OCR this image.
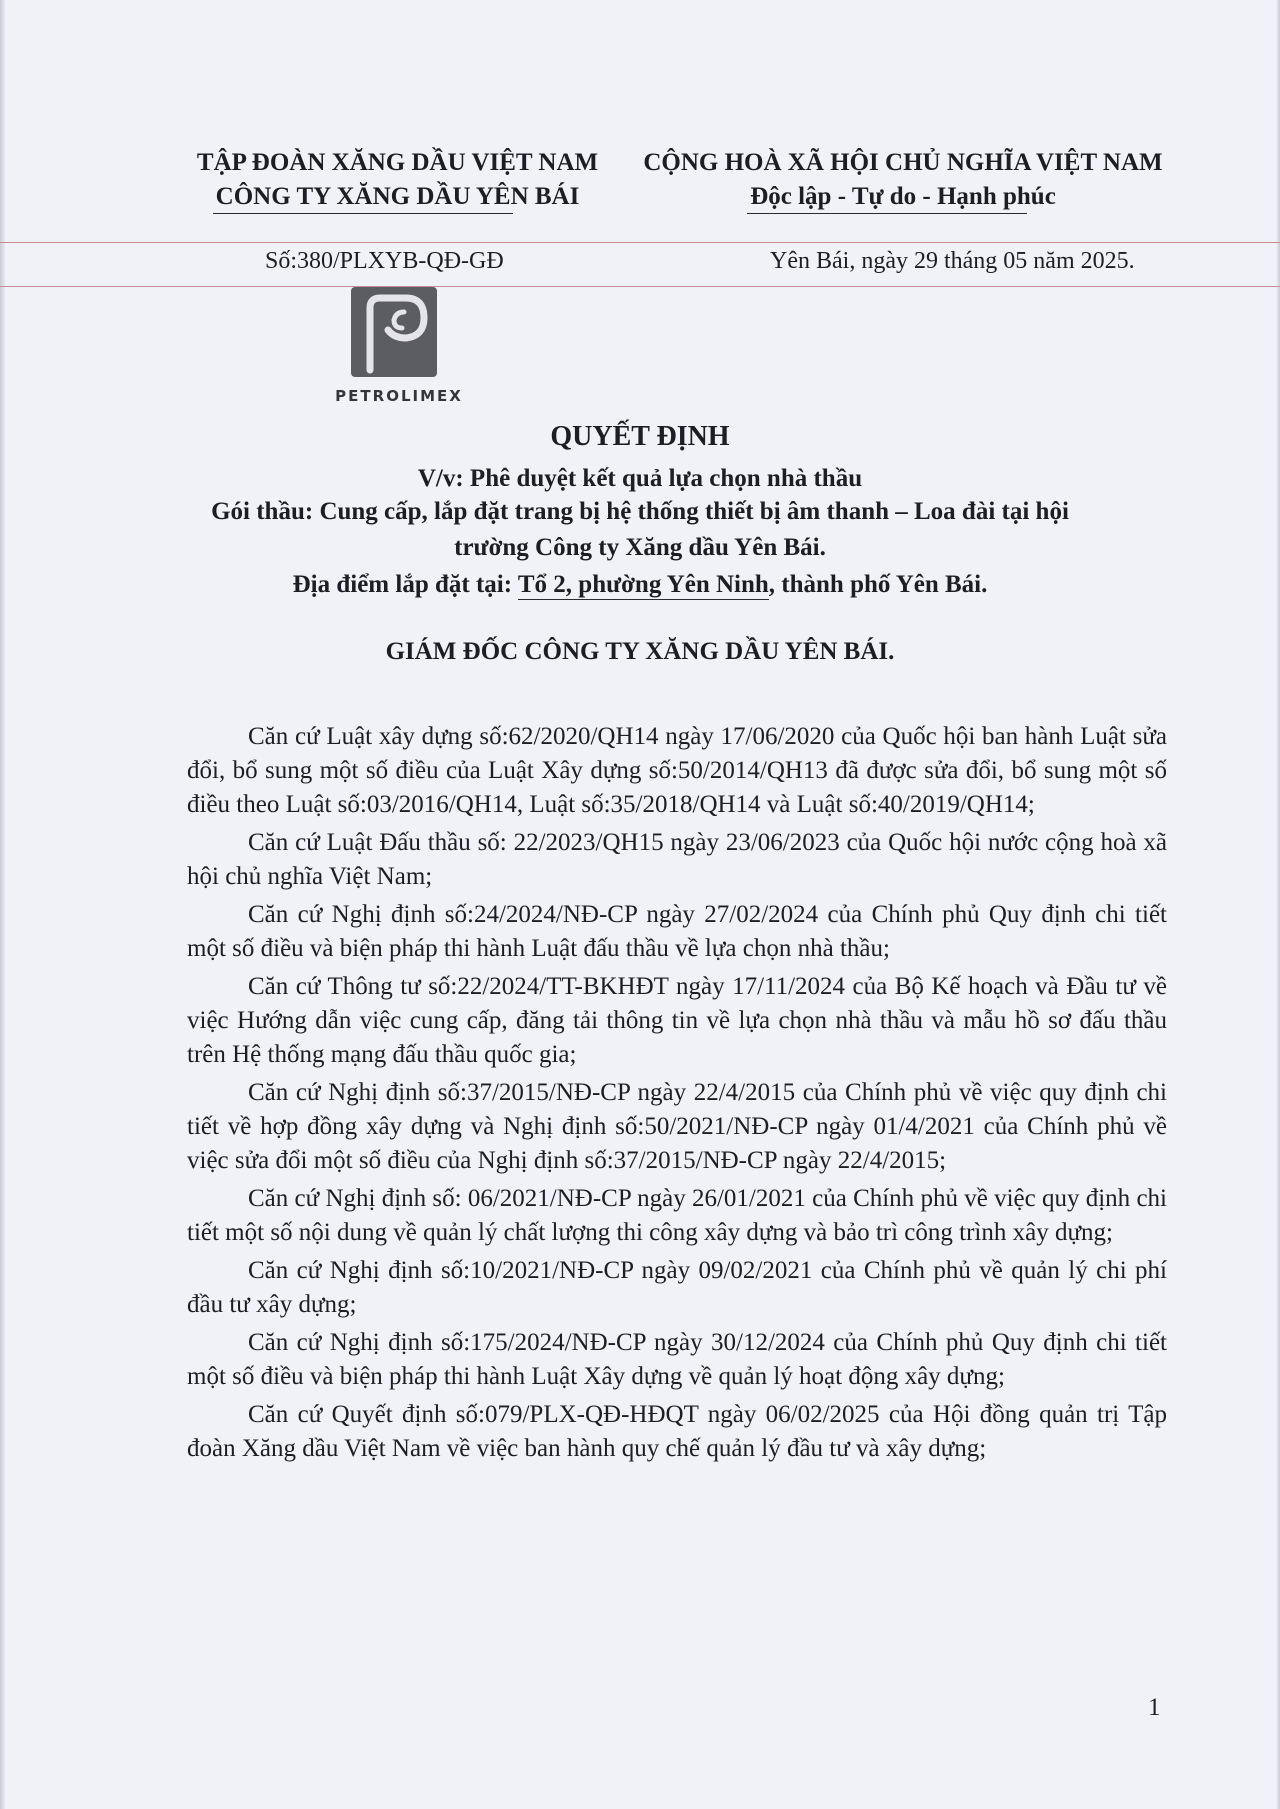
TẬP ĐOÀN XĂNG DẦU VIỆT NAM
CÔNG TY XĂNG DẦU YÊN BÁI
CỘNG HOÀ XÃ HỘI CHỦ NGHĨA VIỆT NAM
Độc lập - Tự do - Hạnh phúc
Số:380/PLXYB-QĐ-GĐ	Yên Bái, ngày 29 tháng 05 năm 2025.
PETROLIMEX
QUYẾT ĐỊNH
V/v: Phê duyệt kết quả lựa chọn nhà thầu
Gói thầu: Cung cấp, lắp đặt trang bị hệ thống thiết bị âm thanh – Loa đài tại hội
trường Công ty Xăng dầu Yên Bái.
Địa điểm lắp đặt tại: Tổ 2, phường Yên Ninh, thành phố Yên Bái.
GIÁM ĐỐC CÔNG TY XĂNG DẦU YÊN BÁI.

Căn cứ Luật xây dựng số:62/2020/QH14 ngày 17/06/2020 của Quốc hội ban hành Luật sửa đổi, bổ sung một số điều của Luật Xây dựng số:50/2014/QH13 đã được sửa đổi, bổ sung một số điều theo Luật số:03/2016/QH14, Luật số:35/2018/QH14 và Luật số:40/2019/QH14;

Căn cứ Luật Đấu thầu số: 22/2023/QH15 ngày 23/06/2023 của Quốc hội nước cộng hoà xã hội chủ nghĩa Việt Nam;

Căn cứ Nghị định số:24/2024/NĐ-CP ngày 27/02/2024 của Chính phủ Quy định chi tiết một số điều và biện pháp thi hành Luật đấu thầu về lựa chọn nhà thầu;

Căn cứ Thông tư số:22/2024/TT-BKHĐT ngày 17/11/2024 của Bộ Kế hoạch và Đầu tư về việc Hướng dẫn việc cung cấp, đăng tải thông tin về lựa chọn nhà thầu và mẫu hồ sơ đấu thầu trên Hệ thống mạng đấu thầu quốc gia;

Căn cứ Nghị định số:37/2015/NĐ-CP ngày 22/4/2015 của Chính phủ về việc quy định chi tiết về hợp đồng xây dựng và Nghị định số:50/2021/NĐ-CP ngày 01/4/2021 của Chính phủ về việc sửa đổi một số điều của Nghị định số:37/2015/NĐ-CP ngày 22/4/2015;

Căn cứ Nghị định số: 06/2021/NĐ-CP ngày 26/01/2021 của Chính phủ về việc quy định chi tiết một số nội dung về quản lý chất lượng thi công xây dựng và bảo trì công trình xây dựng;

Căn cứ Nghị định số:10/2021/NĐ-CP ngày 09/02/2021 của Chính phủ về quản lý chi phí đầu tư xây dựng;

Căn cứ Nghị định số:175/2024/NĐ-CP ngày 30/12/2024 của Chính phủ Quy định chi tiết một số điều và biện pháp thi hành Luật Xây dựng về quản lý hoạt động xây dựng;

Căn cứ Quyết định số:079/PLX-QĐ-HĐQT ngày 06/02/2025 của Hội đồng quản trị Tập đoàn Xăng dầu Việt Nam về việc ban hành quy chế quản lý đầu tư và xây dựng;

1
